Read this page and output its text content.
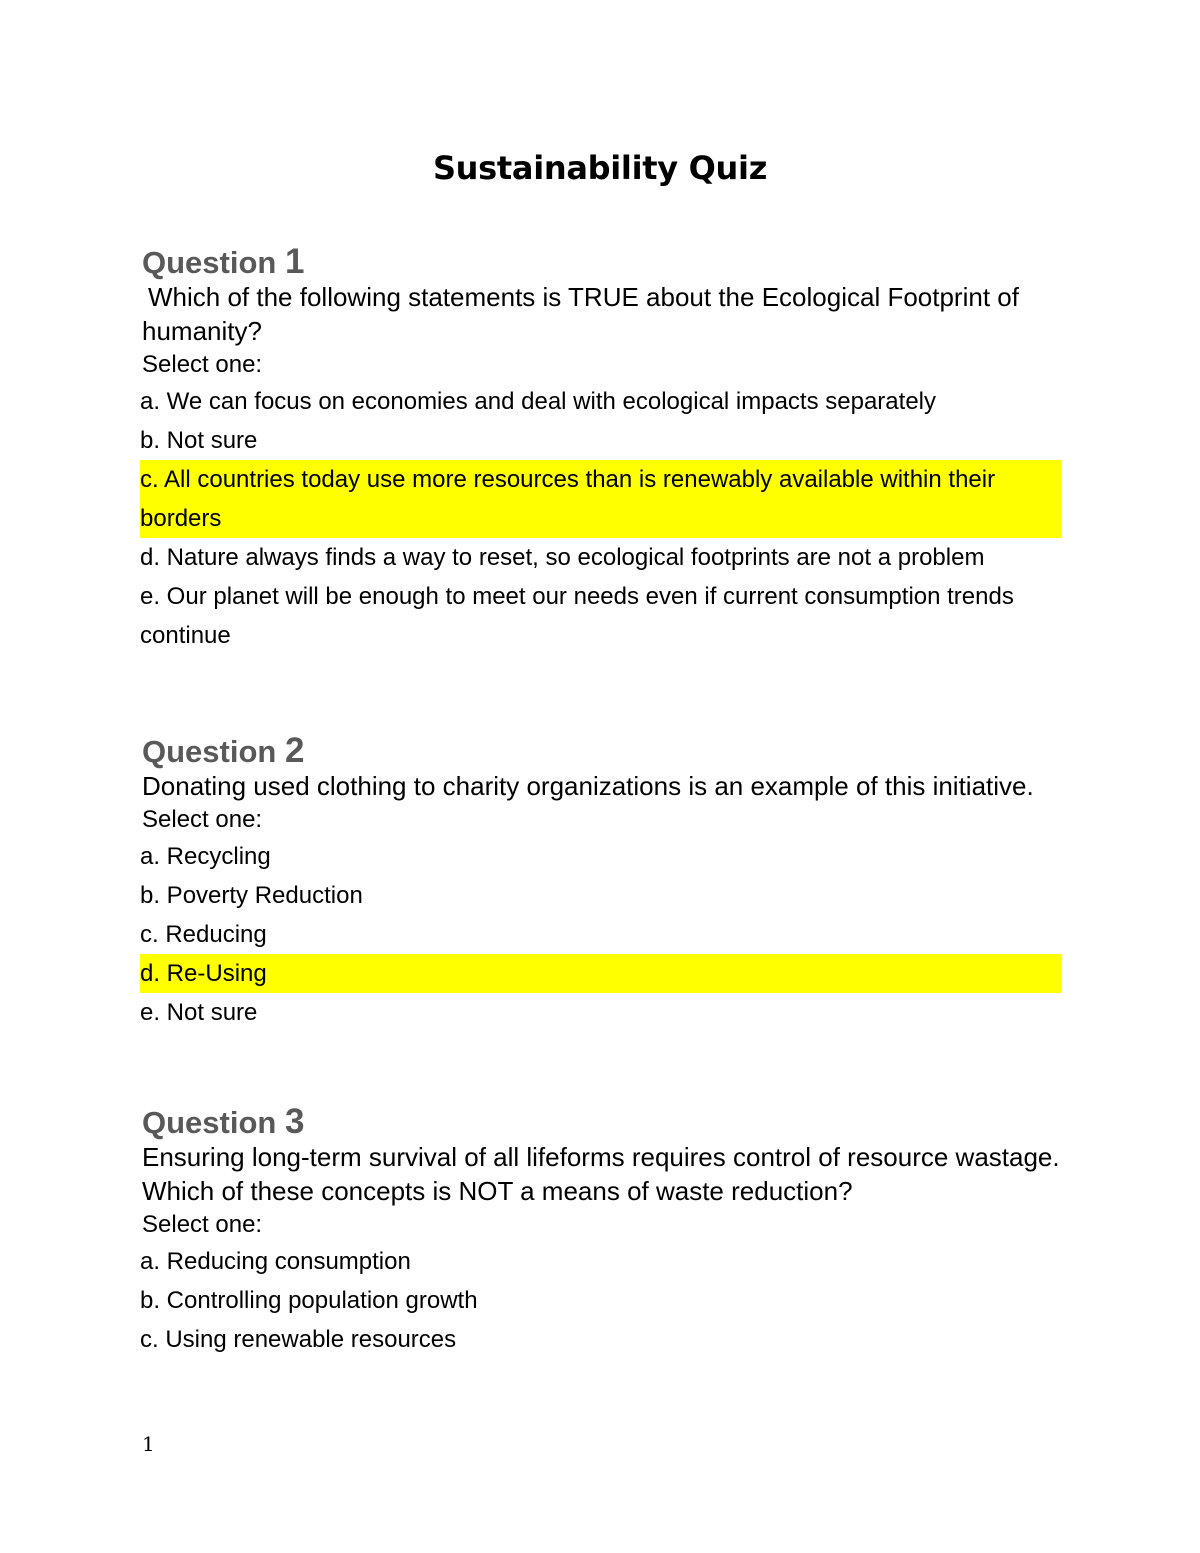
Sustainability Quiz
Question 1
Which of the following statements is TRUE about the Ecological Footprint of humanity?
Select one:
a. We can focus on economies and deal with ecological impacts separately
b. Not sure
c. All countries today use more resources than is renewably available within their borders
d. Nature always finds a way to reset, so ecological footprints are not a problem
e. Our planet will be enough to meet our needs even if current consumption trends continue
Question 2
Donating used clothing to charity organizations is an example of this initiative.
Select one:
a. Recycling
b. Poverty Reduction
c. Reducing
d. Re-Using
e. Not sure
Question 3
Ensuring long-term survival of all lifeforms requires control of resource wastage. Which of these concepts is NOT a means of waste reduction?
Select one:
a. Reducing consumption
b. Controlling population growth
c. Using renewable resources
1
